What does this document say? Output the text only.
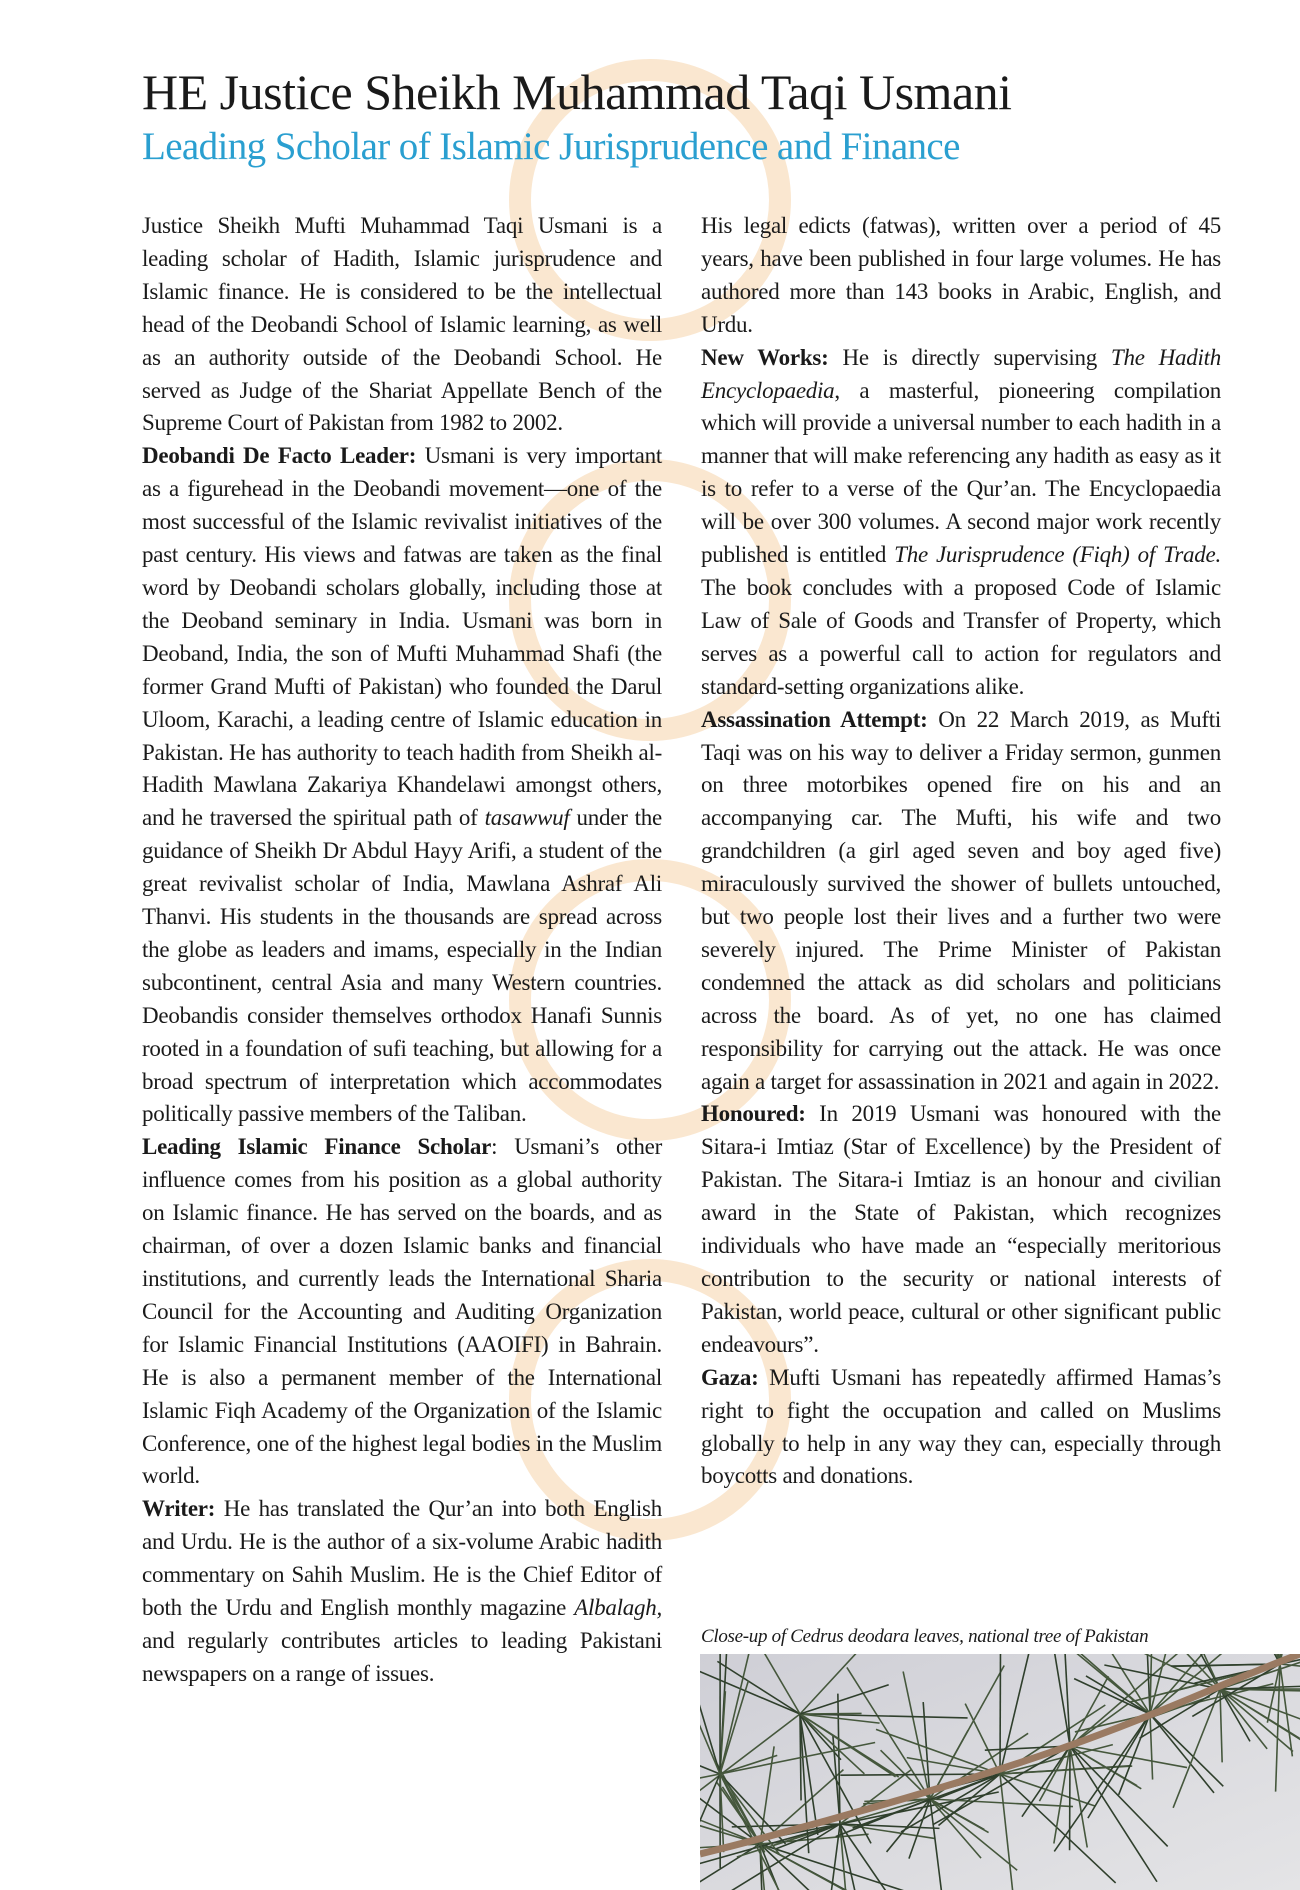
HE Justice Sheikh Muhammad Taqi Usmani
Leading Scholar of Islamic Jurisprudence and Finance

Justice Sheikh Mufti Muhammad Taqi Usmani is a leading scholar of Hadith, Islamic jurisprudence and Islamic finance. He is considered to be the intellectual head of the Deobandi School of Islamic learning, as well as an authority outside of the Deobandi School. He served as Judge of the Shariat Appellate Bench of the Supreme Court of Pakistan from 1982 to 2002.

Deobandi De Facto Leader: Usmani is very important as a figurehead in the Deobandi movement—one of the most successful of the Islamic revivalist initiatives of the past century. His views and fatwas are taken as the final word by Deobandi scholars globally, including those at the Deoband seminary in India. Usmani was born in Deoband, India, the son of Mufti Muhammad Shafi (the former Grand Mufti of Pakistan) who founded the Darul Uloom, Karachi, a leading centre of Islamic education in Pakistan. He has authority to teach hadith from Sheikh al-Hadith Mawlana Zakariya Khandelawi amongst others, and he traversed the spiritual path of tasawwuf under the guidance of Sheikh Dr Abdul Hayy Arifi, a student of the great revivalist scholar of India, Mawlana Ashraf Ali Thanvi. His students in the thousands are spread across the globe as leaders and imams, especially in the Indian subcontinent, central Asia and many Western countries. Deobandis consider themselves orthodox Hanafi Sunnis rooted in a foundation of sufi teaching, but allowing for a broad spectrum of interpretation which accommodates politically passive members of the Taliban.

Leading Islamic Finance Scholar: Usmani’s other influence comes from his position as a global authority on Islamic finance. He has served on the boards, and as chairman, of over a dozen Islamic banks and financial institutions, and currently leads the International Sharia Council for the Accounting and Auditing Organization for Islamic Financial Institutions (AAOIFI) in Bahrain. He is also a permanent member of the International Islamic Fiqh Academy of the Organization of the Islamic Conference, one of the highest legal bodies in the Muslim world.

Writer: He has translated the Qur’an into both English and Urdu. He is the author of a six-volume Arabic hadith commentary on Sahih Muslim. He is the Chief Editor of both the Urdu and English monthly magazine Albalagh, and regularly contributes articles to leading Pakistani newspapers on a range of issues.

His legal edicts (fatwas), written over a period of 45 years, have been published in four large volumes. He has authored more than 143 books in Arabic, English, and Urdu.

New Works: He is directly supervising The Hadith Encyclopaedia, a masterful, pioneering compilation which will provide a universal number to each hadith in a manner that will make referencing any hadith as easy as it is to refer to a verse of the Qur’an. The Encyclopaedia will be over 300 volumes. A second major work recently published is entitled The Jurisprudence (Fiqh) of Trade. The book concludes with a proposed Code of Islamic Law of Sale of Goods and Transfer of Property, which serves as a powerful call to action for regulators and standard-setting organizations alike.

Assassination Attempt: On 22 March 2019, as Mufti Taqi was on his way to deliver a Friday sermon, gunmen on three motorbikes opened fire on his and an accompanying car. The Mufti, his wife and two grandchildren (a girl aged seven and boy aged five) miraculously survived the shower of bullets untouched, but two people lost their lives and a further two were severely injured. The Prime Minister of Pakistan condemned the attack as did scholars and politicians across the board. As of yet, no one has claimed responsibility for carrying out the attack. He was once again a target for assassination in 2021 and again in 2022.

Honoured: In 2019 Usmani was honoured with the Sitara-i Imtiaz (Star of Excellence) by the President of Pakistan. The Sitara-i Imtiaz is an honour and civilian award in the State of Pakistan, which recognizes individuals who have made an “especially meritorious contribution to the security or national interests of Pakistan, world peace, cultural or other significant public endeavours”.

Gaza: Mufti Usmani has repeatedly affirmed Hamas’s right to fight the occupation and called on Muslims globally to help in any way they can, especially through boycotts and donations.

Close-up of Cedrus deodara leaves, national tree of Pakistan
